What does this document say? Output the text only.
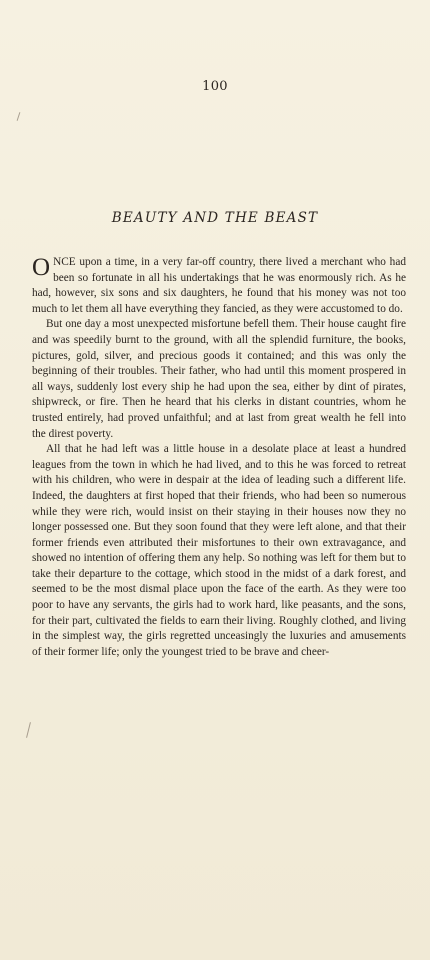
100
BEAUTY AND THE BEAST

ONCE upon a time, in a very far-off country, there lived a merchant who had been so fortunate in all his undertakings that he was enormously rich. As he had, however, six sons and six daughters, he found that his money was not too much to let them all have everything they fancied, as they were accustomed to do.

But one day a most unexpected misfortune befell them. Their house caught fire and was speedily burnt to the ground, with all the splendid furniture, the books, pictures, gold, silver, and precious goods it contained; and this was only the beginning of their troubles. Their father, who had until this moment prospered in all ways, suddenly lost every ship he had upon the sea, either by dint of pirates, shipwreck, or fire. Then he heard that his clerks in distant countries, whom he trusted entirely, had proved unfaithful; and at last from great wealth he fell into the direst poverty.

All that he had left was a little house in a desolate place at least a hundred leagues from the town in which he had lived, and to this he was forced to retreat with his children, who were in despair at the idea of leading such a different life. Indeed, the daughters at first hoped that their friends, who had been so numerous while they were rich, would insist on their staying in their houses now they no longer possessed one. But they soon found that they were left alone, and that their former friends even attributed their misfortunes to their own extravagance, and showed no intention of offering them any help. So nothing was left for them but to take their departure to the cottage, which stood in the midst of a dark forest, and seemed to be the most dismal place upon the face of the earth. As they were too poor to have any servants, the girls had to work hard, like peasants, and the sons, for their part, cultivated the fields to earn their living. Roughly clothed, and living in the simplest way, the girls regretted unceasingly the luxuries and amusements of their former life; only the youngest tried to be brave and cheer-
